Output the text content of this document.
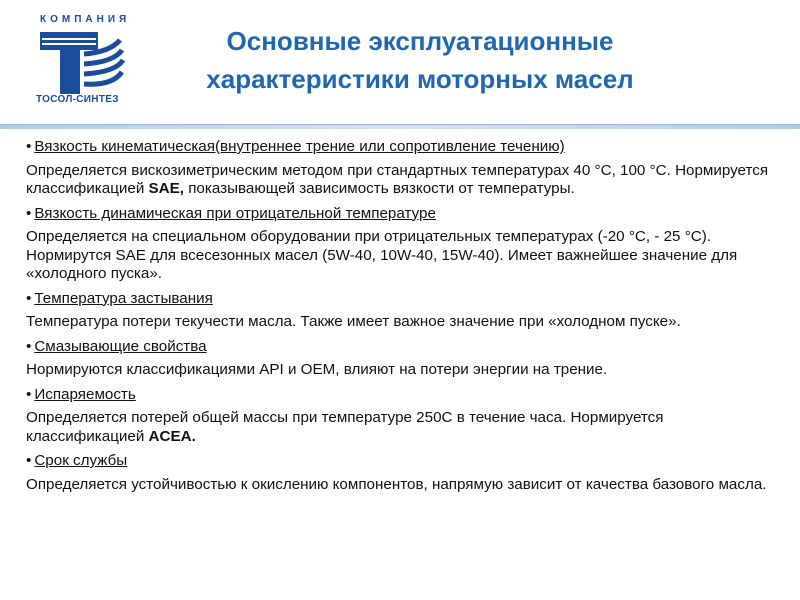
КОМПАНИЯ
ТОСОЛ-СИНТЕЗ
Основные эксплуатационные
характеристики моторных масел
• Вязкость кинематическая(внутреннее трение или сопротивление течению)
Определяется вискозиметрическим методом при стандартных температурах 40 °С, 100 °С. Нормируется классификацией SAE, показывающей зависимость вязкости от температуры.
• Вязкость динамическая при отрицательной температуре
Определяется на специальном оборудовании при отрицательных температурах (-20 °С, - 25 °С). Нормирутся SAE для всесезонных масел (5W-40, 10W-40, 15W-40). Имеет важнейшее значение для «холодного пуска».
• Температура застывания
Температура потери текучести масла. Также имеет важное значение при «холодном пуске».
• Смазывающие свойства
Нормируются классификациями API и OEM, влияют на потери энергии на трение.
• Испаряемость
Определяется потерей общей массы при температуре 250С в течение часа. Нормируется классификацией ACEA.
• Срок службы
Определяется устойчивостью к окислению компонентов, напрямую зависит от качества базового масла.
